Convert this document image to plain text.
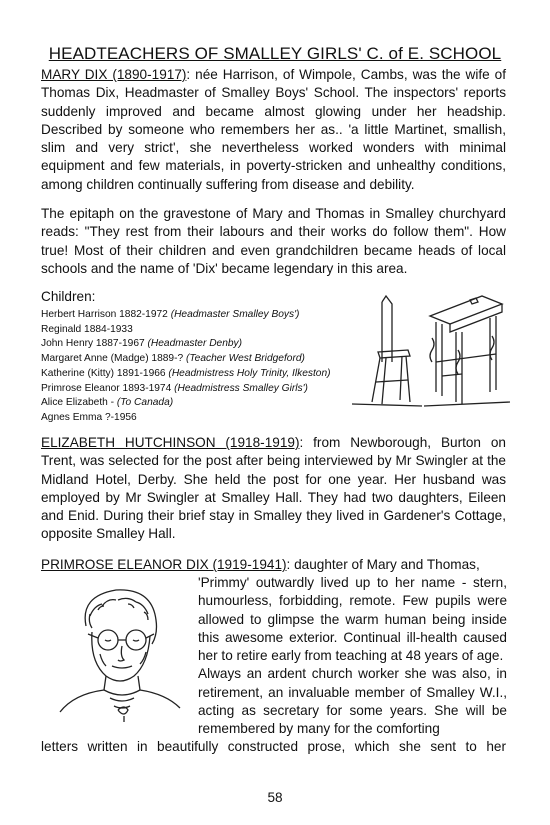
HEADTEACHERS OF SMALLEY GIRLS' C. of E. SCHOOL
MARY DIX (1890-1917): née Harrison, of Wimpole, Cambs, was the wife of Thomas Dix, Headmaster of Smalley Boys' School. The inspectors' reports suddenly improved and became almost glowing under her headship. Described by someone who remembers her as.. 'a little Martinet, smallish, slim and very strict', she nevertheless worked wonders with minimal equipment and few materials, in poverty-stricken and unhealthy conditions, among children continually suffering from disease and debility.
The epitaph on the gravestone of Mary and Thomas in Smalley churchyard reads: "They rest from their labours and their works do follow them". How true! Most of their children and even grandchildren became heads of local schools and the name of 'Dix' became legendary in this area.
Children:
Herbert Harrison 1882-1972 (Headmaster Smalley Boys')
Reginald 1884-1933
John Henry 1887-1967 (Headmaster Denby)
Margaret Anne (Madge) 1889-? (Teacher West Bridgeford)
Katherine (Kitty) 1891-1966 (Headmistress Holy Trinity, Ilkeston)
Primrose Eleanor 1893-1974 (Headmistress Smalley Girls')
Alice Elizabeth - (To Canada)
Agnes Emma ?-1956
ELIZABETH HUTCHINSON (1918-1919): from Newborough, Burton on Trent, was selected for the post after being interviewed by Mr Swingler at the Midland Hotel, Derby. She held the post for one year. Her husband was employed by Mr Swingler at Smalley Hall. They had two daughters, Eileen and Enid. During their brief stay in Smalley they lived in Gardener's Cottage, opposite Smalley Hall.
PRIMROSE ELEANOR DIX (1919-1941): daughter of Mary and Thomas,
'Primmy' outwardly lived up to her name - stern, humourless, forbidding, remote. Few pupils were allowed to glimpse the warm human being inside this awesome exterior. Continual ill-health caused her to retire early from teaching at 48 years of age.
Always an ardent church worker she was also, in retirement, an invaluable member of Smalley W.I., acting as secretary for some years. She will be remembered by many for the comforting
letters written in beautifully constructed prose, which she sent to her
58
